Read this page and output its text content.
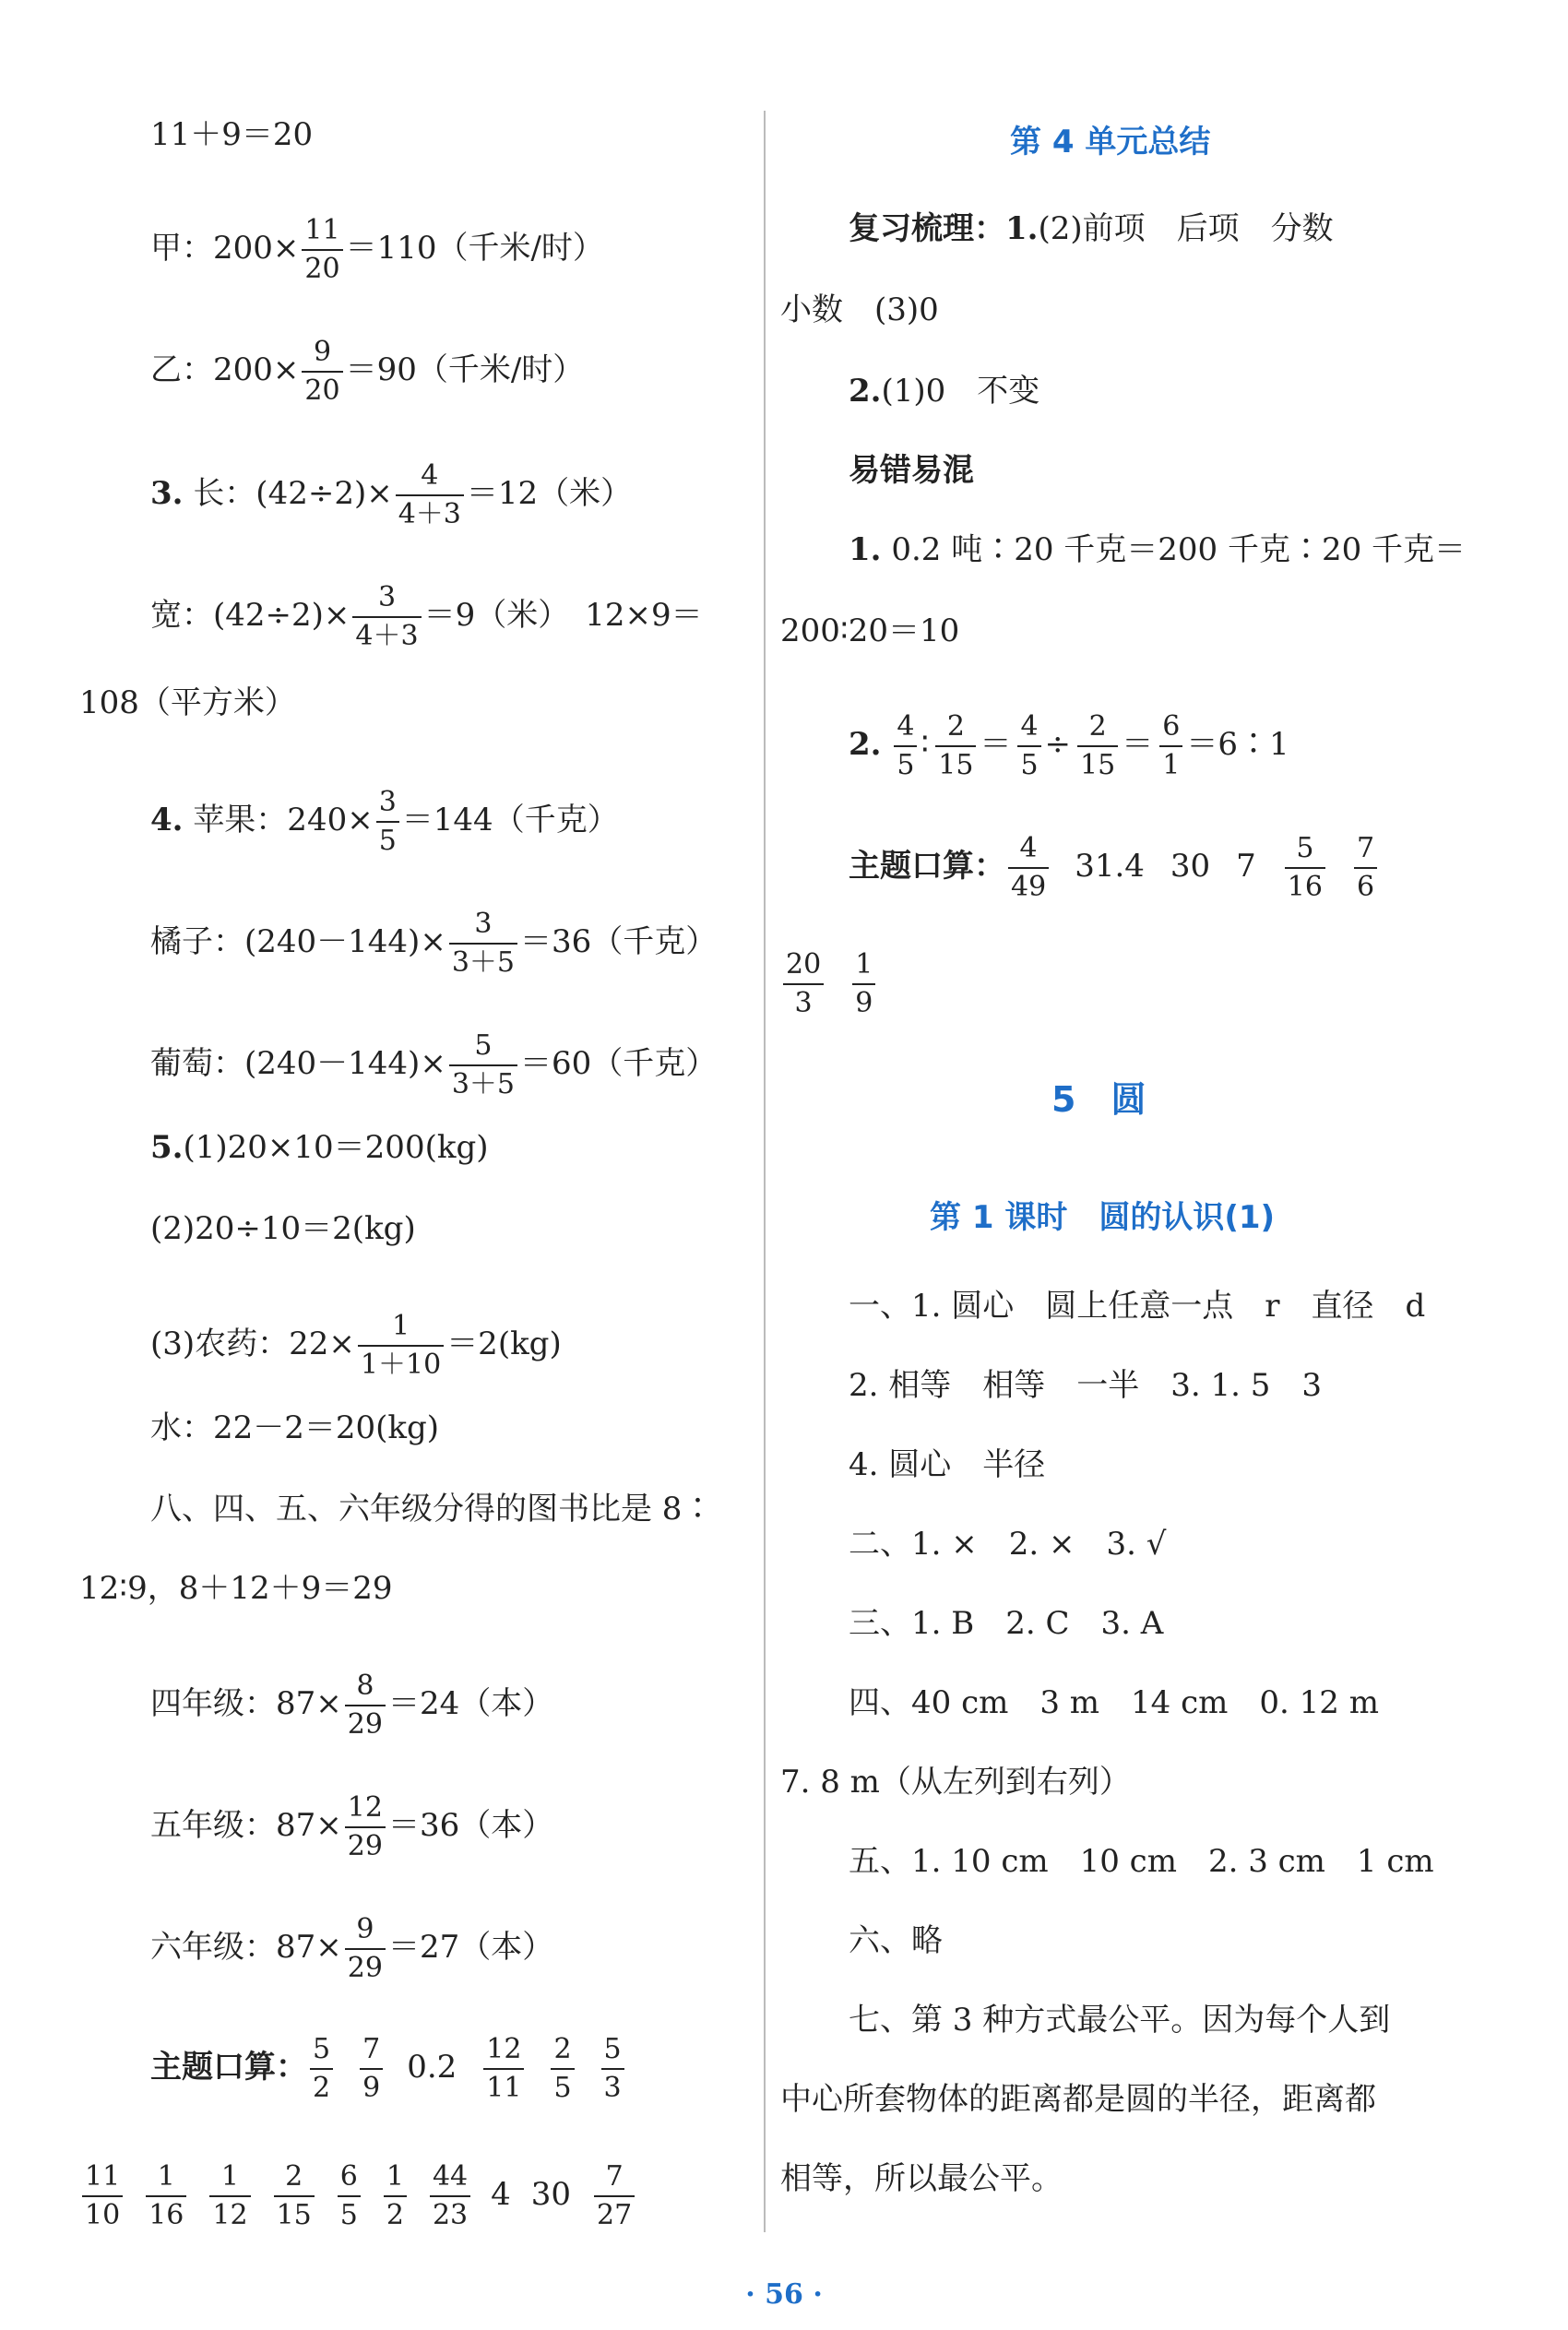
11＋9＝20
甲：$200\times \frac{11}{20} =110$（千米/时）
乙：$200\times \frac{9}{20} =90$（千米/时）
3. 长：$(42\div 2)\times \frac{4}{4+3} =12$（米）
宽：$(42\div 2)\times \frac{3}{4+3} =9$（米）　12×9＝
108（平方米）
4. 苹果：$240\times \frac{3}{5} =144$（千克）
橘子：$(240-144)\times \frac{3}{3+5} =36$（千克）
葡萄：$(240-144)\times \frac{5}{3+5} =60$（千克）
5.(1)20×10＝200(kg)
(2)20÷10＝2(kg)
(3)农药：$22\times \frac{1}{1+10} =2(kg)$
水：22－2＝20(kg)
八、四、五、六年级分得的图书比是 8∶
12∶9，8＋12＋9＝29
四年级：$87\times \frac{8}{29} =24$（本）
五年级：$87\times \frac{12}{29} =36$（本）
六年级：$87\times \frac{9}{29} =27$（本）
主题口算： $\frac{5}{2} \frac{7}{9} 0.2 \frac{12}{11} \frac{2}{5} \frac{5}{3}$
$\frac{11}{10} \frac{1}{16} \frac{1}{12} \frac{2}{15} \frac{6}{5} \frac{1}{2} \frac{44}{23} 4$ $30 \frac{7}{27}$
第 4 单元总结
复习梳理：1.(2)前项　后项　分数
小数　(3)0
2.(1)0　不变
易错易混
1. 0.2 吨∶20 千克＝200 千克∶20 千克＝
200∶20＝10
2. $\frac{4}{5}$ ∶ $\frac{2}{15} = \frac{4}{5} \div \frac{2}{15} = \frac{6}{1}$ ＝6∶1
主题口算： $\frac{4}{49} 31.4$ 30 $7 \frac{5}{16} \frac{7}{6}$
$\frac{20}{3} \frac{1}{9}$
5　圆
第 1 课时　圆的认识(1)
一、1. 圆心　圆上任意一点　r　直径　d
2. 相等　相等　一半　3. 1. 5　3
4. 圆心　半径
二、1. ×　2. ×　3. √
三、1. B　2. C　3. A
四、40 cm　3 m　14 cm　0. 12 m
7. 8 m（从左列到右列）
五、1. 10 cm　10 cm　2. 3 cm　1 cm
六、略
七、第 3 种方式最公平。因为每个人到
中心所套物体的距离都是圆的半径，距离都
相等，所以最公平。
· 56 ·
